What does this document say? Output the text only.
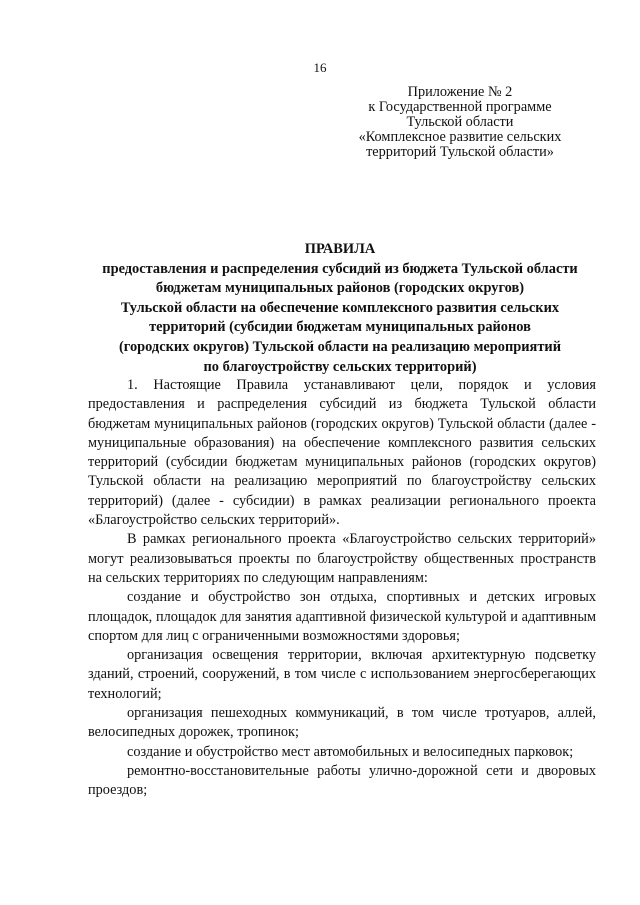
16
Приложение № 2
к Государственной программе
Тульской области
«Комплексное развитие сельских
территорий Тульской области»
ПРАВИЛА
предоставления и распределения субсидий из бюджета Тульской области
бюджетам муниципальных районов (городских округов)
Тульской области на обеспечение комплексного развития сельских
территорий (субсидии бюджетам муниципальных районов
(городских округов) Тульской области на реализацию мероприятий
по благоустройству сельских территорий)

1. Настоящие Правила устанавливают цели, порядок и условия предоставления и распределения субсидий из бюджета Тульской области бюджетам муниципальных районов (городских округов) Тульской области (далее - муниципальные образования) на обеспечение комплексного развития сельских территорий (субсидии бюджетам муниципальных районов (городских округов) Тульской области на реализацию мероприятий по благоустройству сельских территорий) (далее - субсидии) в рамках реализации регионального проекта «Благоустройство сельских территорий».

В рамках регионального проекта «Благоустройство сельских территорий» могут реализовываться проекты по благоустройству общественных пространств на сельских территориях по следующим направлениям:

создание и обустройство зон отдыха, спортивных и детских игровых площадок, площадок для занятия адаптивной физической культурой и адаптивным спортом для лиц с ограниченными возможностями здоровья;

организация освещения территории, включая архитектурную подсветку зданий, строений, сооружений, в том числе с использованием энергосберегающих технологий;

организация пешеходных коммуникаций, в том числе тротуаров, аллей, велосипедных дорожек, тропинок;

создание и обустройство мест автомобильных и велосипедных парковок;

ремонтно-восстановительные работы улично-дорожной сети и дворовых проездов;
